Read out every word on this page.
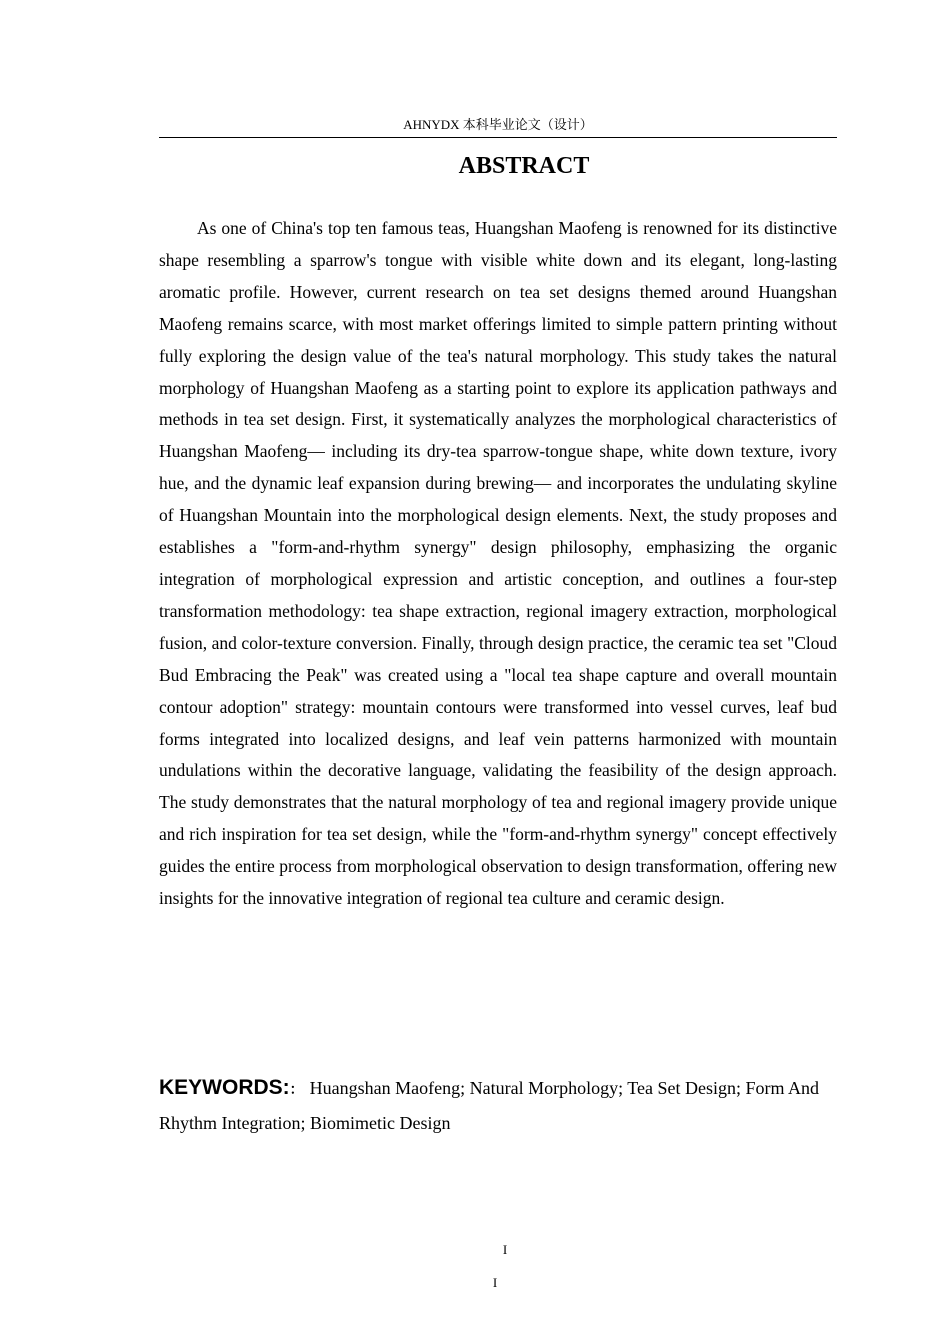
AHNYDX 本科毕业论文（设计）
ABSTRACT

As one of China's top ten famous teas, Huangshan Maofeng is renowned for its distinctive shape resembling a sparrow's tongue with visible white down and its elegant, long-lasting aromatic profile. However, current research on tea set designs themed around Huangshan Maofeng remains scarce, with most market offerings limited to simple pattern printing without fully exploring the design value of the tea's natural morphology. This study takes the natural morphology of Huangshan Maofeng as a starting point to explore its application pathways and methods in tea set design. First, it systematically analyzes the morphological characteristics of Huangshan Maofeng— including its dry-tea sparrow-tongue shape, white down texture, ivory hue, and the dynamic leaf expansion during brewing— and incorporates the undulating skyline of Huangshan Mountain into the morphological design elements. Next, the study proposes and establishes a "form-and-rhythm synergy" design philosophy, emphasizing the organic integration of morphological expression and artistic conception, and outlines a four-step transformation methodology: tea shape extraction, regional imagery extraction, morphological fusion, and color-texture conversion. Finally, through design practice, the ceramic tea set "Cloud Bud Embracing the Peak" was created using a "local tea shape capture and overall mountain contour adoption" strategy: mountain contours were transformed into vessel curves, leaf bud forms integrated into localized designs, and leaf vein patterns harmonized with mountain undulations within the decorative language, validating the feasibility of the design approach. The study demonstrates that the natural morphology of tea and regional imagery provide unique and rich inspiration for tea set design, while the "form-and-rhythm synergy" concept effectively guides the entire process from morphological observation to design transformation, offering new insights for the innovative integration of regional tea culture and ceramic design.

KEYWORDS:： Huangshan Maofeng; Natural Morphology; Tea Set Design; Form And Rhythm Integration; Biomimetic Design

I
I
